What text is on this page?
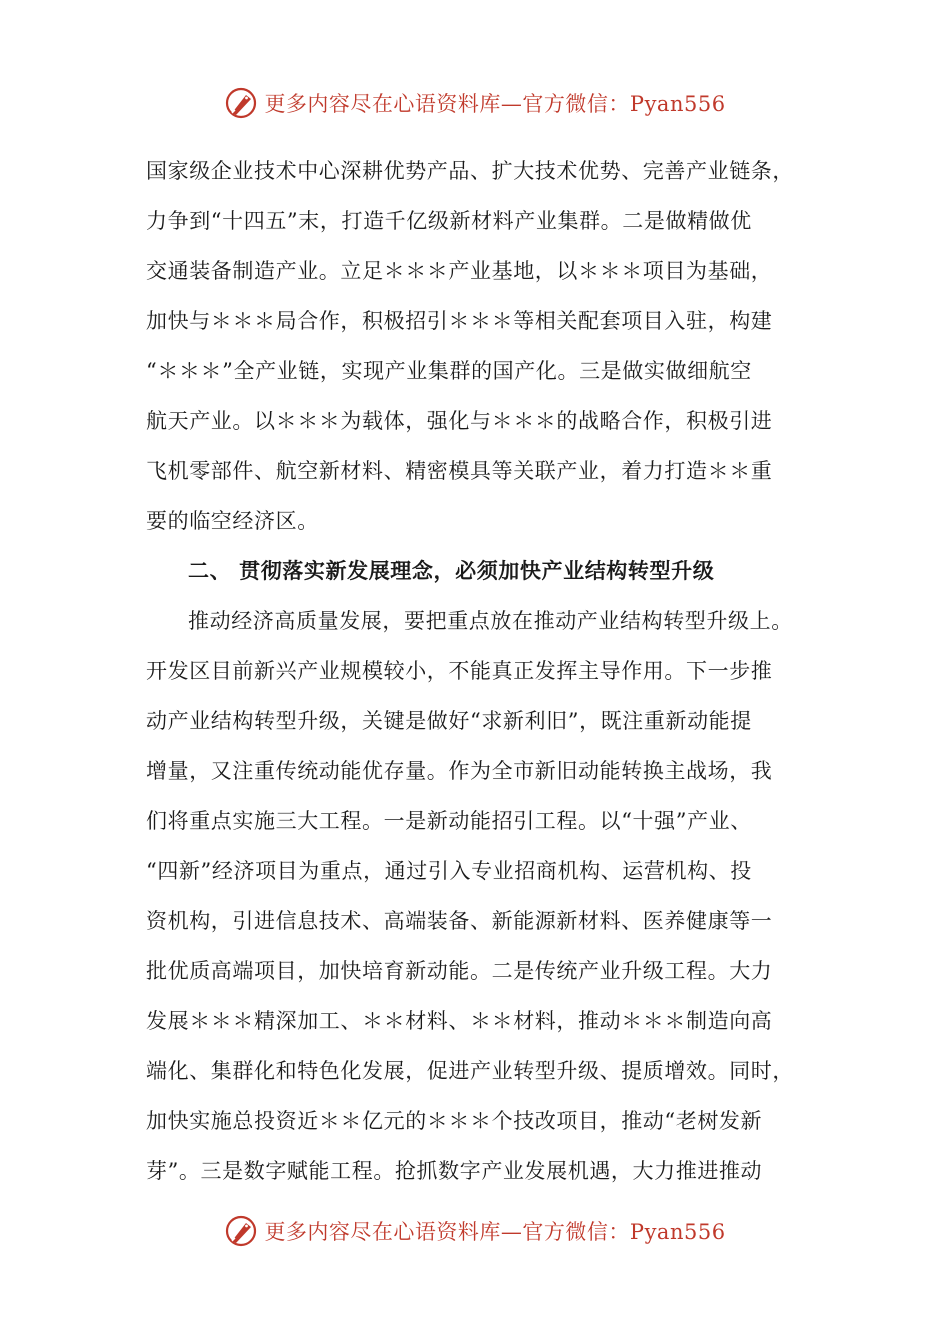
更多内容尽在心语资料库—官方微信：Pyan556
国家级企业技术中心深耕优势产品、扩大技术优势、完善产业链条，
力争到“十四五”末，打造千亿级新材料产业集群。二是做精做优
交通装备制造产业。立足＊＊＊产业基地，以＊＊＊项目为基础，
加快与＊＊＊局合作，积极招引＊＊＊等相关配套项目入驻，构建
“＊＊＊”全产业链，实现产业集群的国产化。三是做实做细航空
航天产业。以＊＊＊为载体，强化与＊＊＊的战略合作，积极引进
飞机零部件、航空新材料、精密模具等关联产业，着力打造＊＊重
要的临空经济区。
二、 贯彻落实新发展理念，必须加快产业结构转型升级
推动经济高质量发展，要把重点放在推动产业结构转型升级上。
开发区目前新兴产业规模较小，不能真正发挥主导作用。下一步推
动产业结构转型升级，关键是做好“求新利旧”，既注重新动能提
增量，又注重传统动能优存量。作为全市新旧动能转换主战场，我
们将重点实施三大工程。一是新动能招引工程。以“十强”产业、
“四新”经济项目为重点，通过引入专业招商机构、运营机构、投
资机构，引进信息技术、高端装备、新能源新材料、医养健康等一
批优质高端项目，加快培育新动能。二是传统产业升级工程。大力
发展＊＊＊精深加工、＊＊材料、＊＊材料，推动＊＊＊制造向高
端化、集群化和特色化发展，促进产业转型升级、提质增效。同时，
加快实施总投资近＊＊亿元的＊＊＊个技改项目，推动“老树发新
芽”。三是数字赋能工程。抢抓数字产业发展机遇，大力推进推动
更多内容尽在心语资料库—官方微信：Pyan556
